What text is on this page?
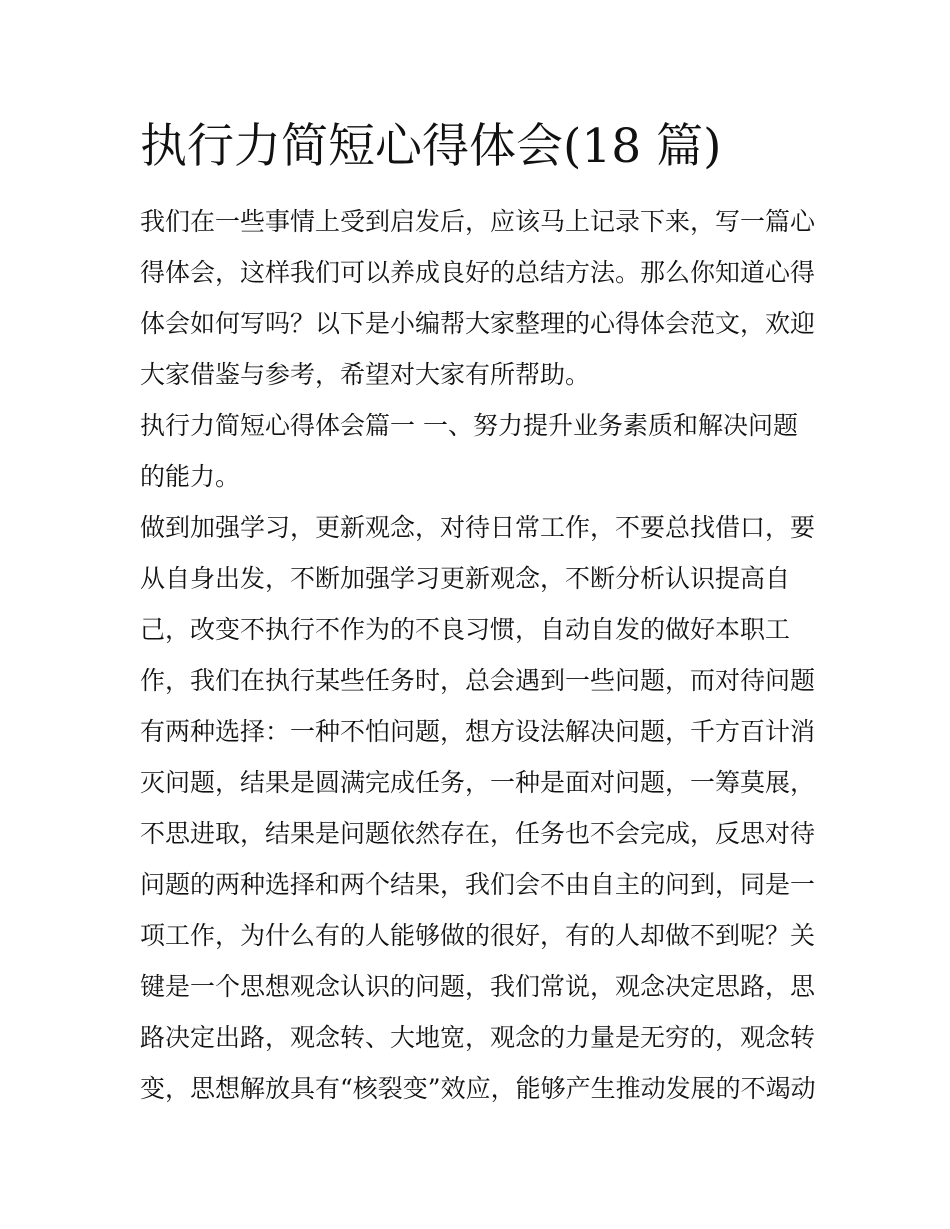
执行力简短心得体会(18 篇)
我们在一些事情上受到启发后，应该马上记录下来，写一篇心
得体会，这样我们可以养成良好的总结方法。那么你知道心得
体会如何写吗？以下是小编帮大家整理的心得体会范文，欢迎
大家借鉴与参考，希望对大家有所帮助。
执行力简短心得体会篇一 一、努力提升业务素质和解决问题
的能力。
做到加强学习，更新观念，对待日常工作，不要总找借口，要
从自身出发，不断加强学习更新观念，不断分析认识提高自
己，改变不执行不作为的不良习惯，自动自发的做好本职工
作，我们在执行某些任务时，总会遇到一些问题，而对待问题
有两种选择：一种不怕问题，想方设法解决问题，千方百计消
灭问题，结果是圆满完成任务，一种是面对问题，一筹莫展，
不思进取，结果是问题依然存在，任务也不会完成，反思对待
问题的两种选择和两个结果，我们会不由自主的问到，同是一
项工作，为什么有的人能够做的很好，有的人却做不到呢？关
键是一个思想观念认识的问题，我们常说，观念决定思路，思
路决定出路，观念转、大地宽，观念的力量是无穷的，观念转
变，思想解放具有“核裂变”效应，能够产生推动发展的不竭动
